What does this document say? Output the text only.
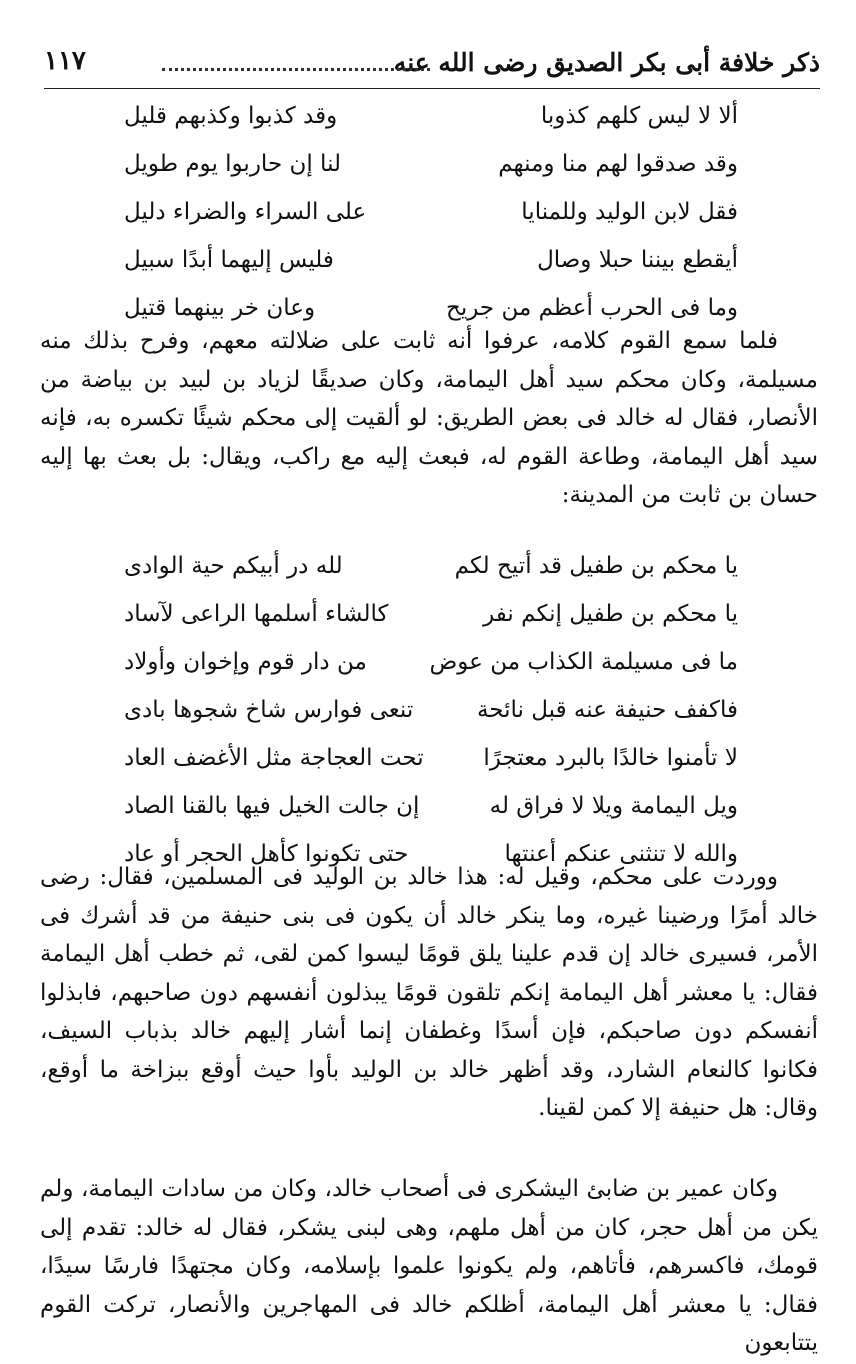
ذكر خلافة أبى بكر الصديق رضى الله عنه
١١٧
ألا لا ليس كلهم كذوبا
وقد كذبوا وكذبهم قليل
وقد صدقوا لهم منا ومنهم
لنا إن حاربوا يوم طويل
فقل لابن الوليد وللمنايا
على السراء والضراء دليل
أيقطع بيننا حبلا وصال
فليس إليهما أبدًا سبيل
وما فى الحرب أعظم من جريح
وعان خر بينهما قتيل

فلما سمع القوم كلامه، عرفوا أنه ثابت على ضلالته معهم، وفرح بذلك منه مسيلمة، وكان محكم سيد أهل اليمامة، وكان صديقًا لزياد بن لبيد بن بياضة من الأنصار، فقال له خالد فى بعض الطريق: لو ألقيت إلى محكم شيئًا تكسره به، فإنه سيد أهل اليمامة، وطاعة القوم له، فبعث إليه مع راكب، ويقال: بل بعث بها إليه حسان بن ثابت من المدينة:

يا محكم بن طفيل قد أتيح لكم
لله در أبيكم حية الوادى
يا محكم بن طفيل إنكم نفر
كالشاء أسلمها الراعى لآساد
ما فى مسيلمة الكذاب من عوض
من دار قوم وإخوان وأولاد
فاكفف حنيفة عنه قبل نائحة
تنعى فوارس شاخ شجوها بادى
لا تأمنوا خالدًا بالبرد معتجرًا
تحت العجاجة مثل الأغضف العاد
ويل اليمامة ويلا لا فراق له
إن جالت الخيل فيها بالقنا الصاد
والله لا تنثنى عنكم أعنتها
حتى تكونوا كأهل الحجر أو عاد

ووردت على محكم، وقيل له: هذا خالد بن الوليد فى المسلمين، فقال: رضى خالد أمرًا ورضينا غيره، وما ينكر خالد أن يكون فى بنى حنيفة من قد أشرك فى الأمر، فسيرى خالد إن قدم علينا يلق قومًا ليسوا كمن لقى، ثم خطب أهل اليمامة فقال: يا معشر أهل اليمامة إنكم تلقون قومًا يبذلون أنفسهم دون صاحبهم، فابذلوا أنفسكم دون صاحبكم، فإن أسدًا وغطفان إنما أشار إليهم خالد بذباب السيف، فكانوا كالنعام الشارد، وقد أظهر خالد بن الوليد بأوا حيث أوقع ببزاخة ما أوقع، وقال: هل حنيفة إلا كمن لقينا.

وكان عمير بن ضابئ اليشكرى فى أصحاب خالد، وكان من سادات اليمامة، ولم يكن من أهل حجر، كان من أهل ملهم، وهى لبنى يشكر، فقال له خالد: تقدم إلى قومك، فاكسرهم، فأتاهم، ولم يكونوا علموا بإسلامه، وكان مجتهدًا فارسًا سيدًا، فقال: يا معشر أهل اليمامة، أظلكم خالد فى المهاجرين والأنصار، تركت القوم يتتابعون
